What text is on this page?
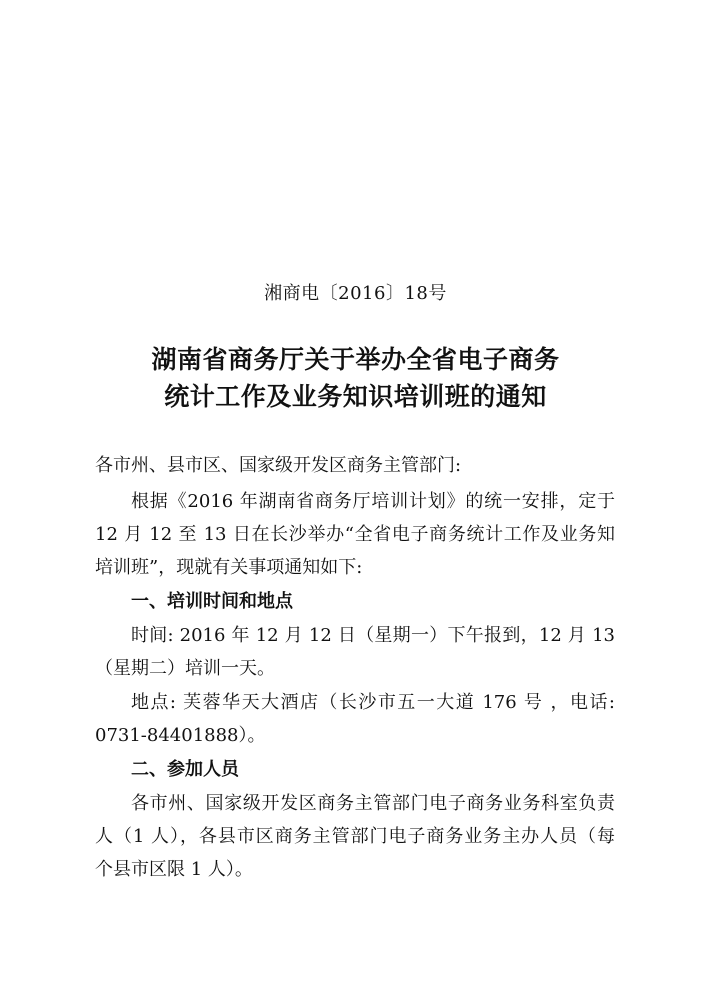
湘商电〔2016〕18号
湖南省商务厅关于举办全省电子商务
统计工作及业务知识培训班的通知
各市州、县市区、国家级开发区商务主管部门:
根据《2016 年湖南省商务厅培训计划》的统一安排，定于
12 月 12 至 13 日在长沙举办“全省电子商务统计工作及业务知
培训班”，现就有关事项通知如下:
一、培训时间和地点
时间: 2016 年 12 月 12 日（星期一）下午报到，12 月 13
（星期二）培训一天。
地点: 芙蓉华天大酒店（长沙市五一大道 176 号 ，电话:
0731-84401888）。
二、参加人员
各市州、国家级开发区商务主管部门电子商务业务科室负责
人（1 人），各县市区商务主管部门电子商务业务主办人员（每
个县市区限 1 人）。
